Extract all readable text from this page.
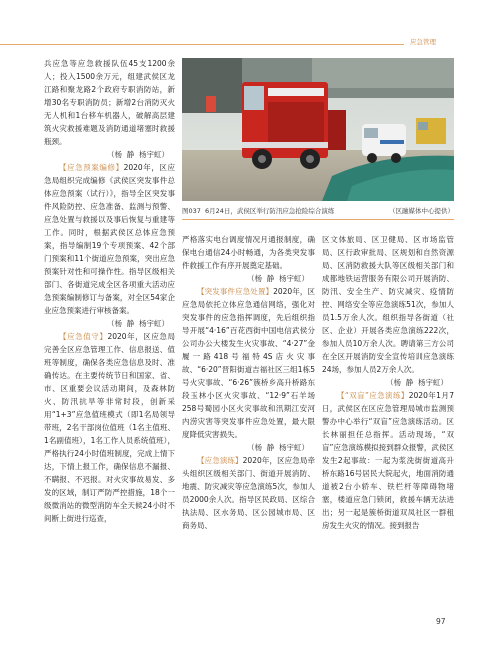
应急管理

兵应急等应急救援队伍45支1200余人；投入1500余万元，组建武侯区龙江路和聚龙路2个政府专职消防站，新增30名专职消防员；新增2台消防灭火无人机和1台移车机器人，破解高层建筑火灾救援难题及消防通道堵塞时救援瓶颈。

（杨  静  杨宇虹）

【应急预案编修】2020年，区应急局组织完成编修《武侯区突发事件总体应急预案（试行）》，指导全区突发事件风险防控、应急准备、监测与预警、应急处置与救援以及事后恢复与重建等工作。同时，根据武侯区总体应急预案，指导编制19个专项预案、42个部门预案和11个街道应急预案，突出应急预案针对性和可操作性。指导区级相关部门、各街道完成全区各项重大活动应急预案编制修订与备案，对全区54家企业应急预案进行审核备案。

（杨  静  杨宇虹）

【应急值守】2020年，区应急局完善全区应急管理工作、信息报送、值班等制度，确保各类应急信息及时、准确传达。在主要传统节日和国家、省、市、区重要会议活动期间，及森林防火、防汛抗旱等非常时段，创新采用“1+3”应急值班模式（即1名局领导带班，2名干部岗位值班（1名主值班、1名副值班），1名工作人员系统值班），严格执行24小时值班制度，完成上情下达，下情上报工作，确保信息不漏报、不瞒报、不迟报。对火灾事故易发、多发的区域，制订严防严控措施，18个一级微消站的微型消防车全天候24小时不间断上街进行巡查，

图037 6月24日，武侯区举行防汛应急抢险综合演练	（区融媒体中心提供）

严格落实电台调度情况月通报制度，确保电台通信24小时畅通，为各类突发事件救援工作有序开展奠定基础。

（杨  静  杨宇虹）

【突发事件应急处置】2020年，区应急局依托立体应急通信网络，强化对突发事件的应急指挥调度，先后组织指导开展“4·16”百花西街中国电信武侯分公司办公大楼发生火灾事故、“4·27”金履一路418号福特4S店火灾事故、“6·20”晋阳街道吉福社区三组1栋5号火灾事故、“6·26”簇桥乡高升桥路东段玉林小区火灾事故、“12·9”石羊场258号蜀园小区火灾事故和汛期江安河内涝灾害等突发事件应急处置，最大限度降低灾害损失。

（杨  静  杨宇虹）

【应急演练】2020年，区应急局牵头组织区级相关部门、街道开展消防、地震、防灾减灾等应急演练5次，参加人员2000余人次。指导区民政局、区综合执法局、区水务局、区公园城市局、区商务局、

区文体旅局、区卫健局、区市场监管局、区行政审批局、区规划和自然资源局、区消防救援大队等区级相关部门和成都地铁运营服务有限公司开展消防、防汛、安全生产、防灾减灾、疫情防控、网络安全等应急演练51次，参加人员1.5万余人次。组织指导各街道（社区、企业）开展各类应急演练222次，参加人员10万余人次。聘请第三方公司在全区开展消防安全宣传培训应急演练24场，参加人员2万余人次。

（杨  静  杨宇虹）

【“双盲”应急演练】2020年1月7日，武侯区在区应急管理局城市监测预警办中心举行“双盲”应急演练活动。区长林丽担任总指挥。活动现场，“双盲”应急演练模拟接到群众报警，武侯区发生2起事故：一起为浆洗街街道高升桥东路16号居民大院起火，地面消防通道被2台小轿车、铁栏杆等障碍物堵塞，楼道应急门锁闭，救援车辆无法进出；另一起是簇桥街道双凤社区一群租房发生火灾的情况。接到报告

97
